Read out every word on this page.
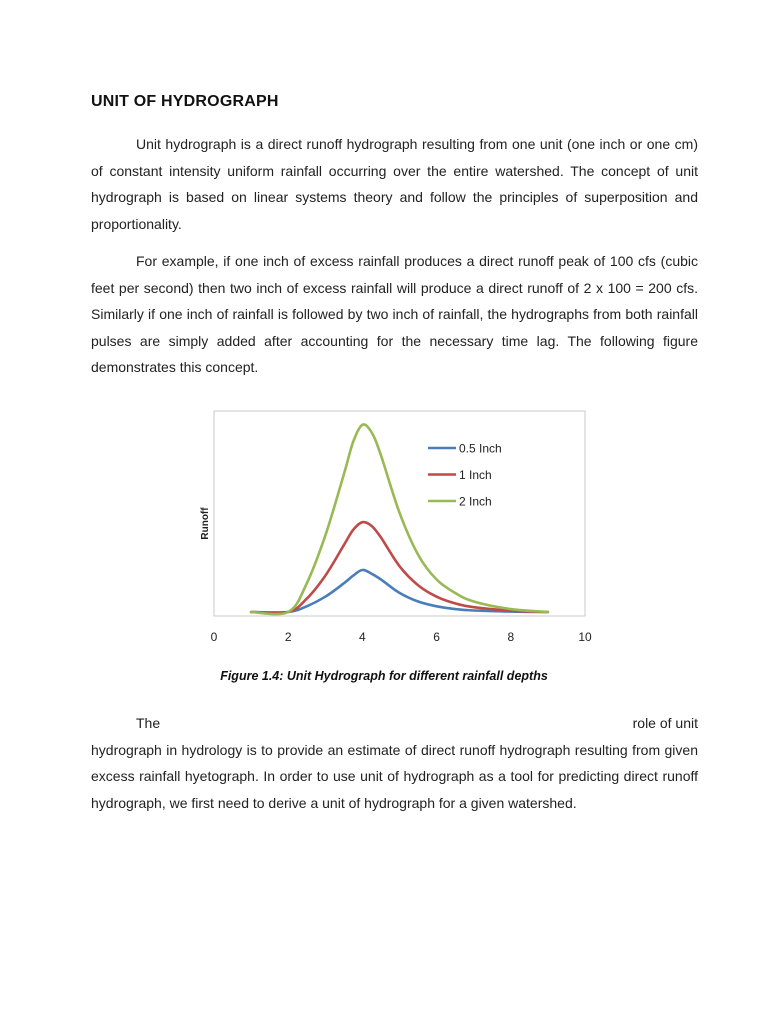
UNIT OF HYDROGRAPH

Unit hydrograph is a direct runoff hydrograph resulting from one unit (one inch or one cm) of constant intensity uniform rainfall occurring over the entire watershed. The concept of unit hydrograph is based on linear systems theory and follow the principles of superposition and proportionality.

For example, if one inch of excess rainfall produces a direct runoff peak of 100 cfs (cubic feet per second) then two inch of excess rainfall will produce a direct runoff of 2 x 100 = 200 cfs. Similarly if one inch of rainfall is followed by two inch of rainfall, the hydrographs from both rainfall pulses are simply added after accounting for the necessary time lag. The following figure demonstrates this concept.

0	2	4	6	8	10
Runoff
0.5 Inch
1 Inch
2 Inch
Figure 1.4: Unit Hydrograph for different rainfall depths
The	role of unit

hydrograph in hydrology is to provide an estimate of direct runoff hydrograph resulting from given excess rainfall hyetograph. In order to use unit of hydrograph as a tool for predicting direct runoff hydrograph, we first need to derive a unit of hydrograph for a given watershed.
